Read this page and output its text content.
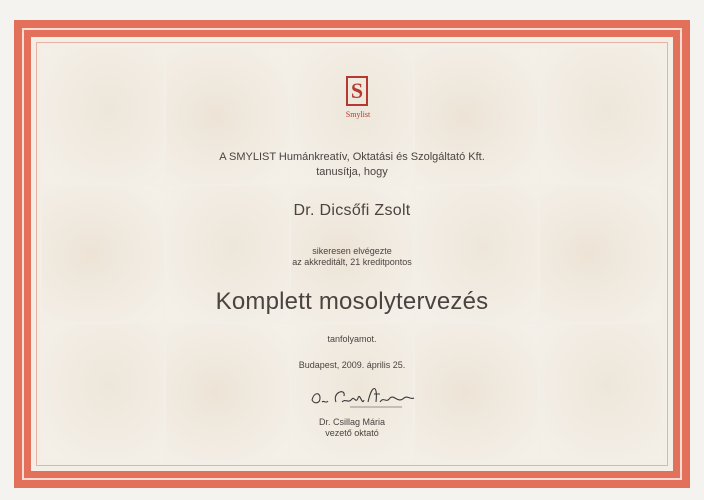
S
Smylist
A SMYLIST Humánkreatív, Oktatási és Szolgáltató Kft.
tanusítja, hogy
Dr. Dicsőfi Zsolt
sikeresen elvégezte
az akkreditált, 21 kreditpontos
Komplett mosolytervezés
tanfolyamot.
Budapest, 2009. április 25.
Dr. Csillag Mária
vezető oktató
